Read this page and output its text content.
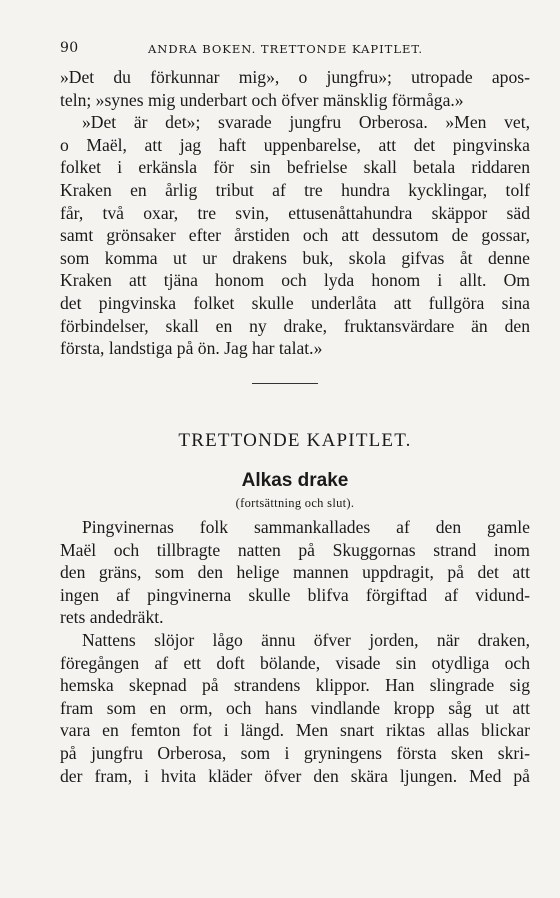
90	ANDRA BOKEN. TRETTONDE KAPITLET.
»Det du förkunnar mig», o jungfru»; utropade apos-
teln; »synes mig underbart och öfver mänsklig förmåga.»
»Det är det»; svarade jungfru Orberosa. »Men vet,
o Maël, att jag haft uppenbarelse, att det pingvinska
folket i erkänsla för sin befrielse skall betala riddaren
Kraken en årlig tribut af tre hundra kycklingar, tolf
får, två oxar, tre svin, ettusenåttahundra skäppor säd
samt grönsaker efter årstiden och att dessutom de gossar,
som komma ut ur drakens buk, skola gifvas åt denne
Kraken att tjäna honom och lyda honom i allt. Om
det pingvinska folket skulle underlåta att fullgöra sina
förbindelser, skall en ny drake, fruktansvärdare än den
första, landstiga på ön. Jag har talat.»
TRETTONDE KAPITLET.
Alkas drake
(fortsättning och slut).
Pingvinernas folk sammankallades af den gamle
Maël och tillbragte natten på Skuggornas strand inom
den gräns, som den helige mannen uppdragit, på det att
ingen af pingvinerna skulle blifva förgiftad af vidund-
rets andedräkt.
Nattens slöjor lågo ännu öfver jorden, när draken,
föregången af ett doft bölande, visade sin otydliga och
hemska skepnad på strandens klippor. Han slingrade sig
fram som en orm, och hans vindlande kropp såg ut att
vara en femton fot i längd. Men snart riktas allas blickar
på jungfru Orberosa, som i gryningens första sken skri-
der fram, i hvita kläder öfver den skära ljungen. Med på
